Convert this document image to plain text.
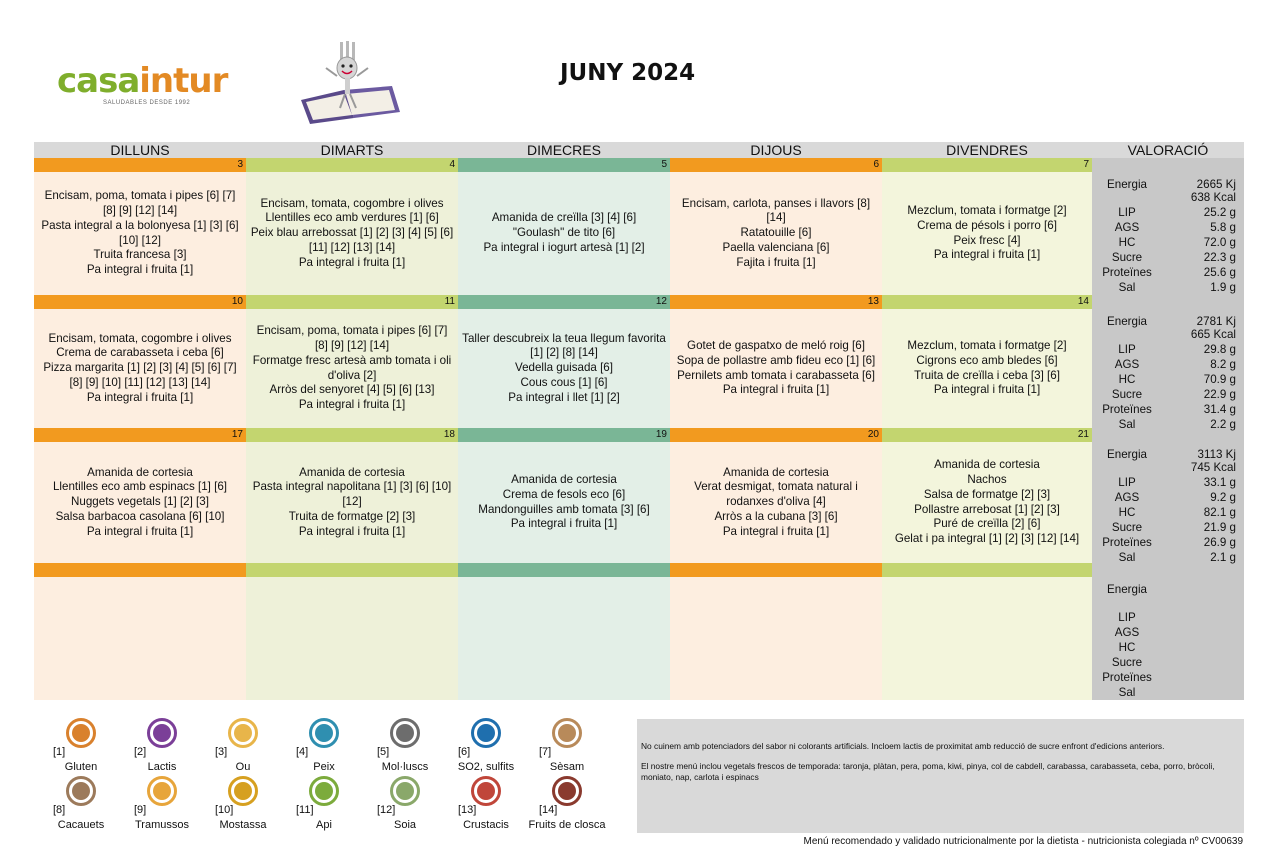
casaintur
SALUDABLES DESDE 1992
JUNY 2024
DILLUNS	DIMARTS	DIMECRES	DIJOUS	DIVENDRES	VALORACIÓ
3
Encisam, poma, tomata i pipes [6] [7] [8] [9] [12] [14]
Pasta integral a la bolonyesa [1] [3] [6] [10] [12]
Truita francesa [3]
Pa integral i fruita [1]
4
Encisam, tomata, cogombre i olives
Llentilles eco amb verdures [1] [6]
Peix blau arrebossat [1] [2] [3] [4] [5] [6] [11] [12] [13] [14]
Pa integral i fruita [1]
5
Amanida de creïlla [3] [4] [6]
"Goulash" de tito [6]
Pa integral i iogurt artesà [1] [2]
6
Encisam, carlota, panses i llavors [8] [14]
Ratatouille [6]
Paella valenciana [6]
Fajita i fruita [1]
7
Mezclum, tomata i formatge [2]
Crema de pésols i porro [6]
Peix fresc [4]
Pa integral i fruita [1]
Energia	2665 Kj
638 Kcal
LIP	25.2 g
AGS	5.8 g
HC	72.0 g
Sucre	22.3 g
Proteïnes	25.6 g
Sal	1.9 g
10
Encisam, tomata, cogombre i olives
Crema de carabasseta i ceba [6]
Pizza margarita [1] [2] [3] [4] [5] [6] [7] [8] [9] [10] [11] [12] [13] [14]
Pa integral i fruita [1]
11
Encisam, poma, tomata i pipes [6] [7] [8] [9] [12] [14]
Formatge fresc artesà amb tomata i oli d'oliva [2]
Arròs del senyoret [4] [5] [6] [13]
Pa integral i fruita [1]
12
Taller descubreix la teua llegum favorita [1] [2] [8] [14]
Vedella guisada [6]
Cous cous [1] [6]
Pa integral i llet [1] [2]
13
Gotet de gaspatxo de meló roig [6]
Sopa de pollastre amb fideu eco [1] [6]
Pernilets amb tomata i carabasseta [6]
Pa integral i fruita [1]
14
Mezclum, tomata i formatge [2]
Cigrons eco amb bledes [6]
Truita de creïlla i ceba [3] [6]
Pa integral i fruita [1]
Energia	2781 Kj
665 Kcal
LIP	29.8 g
AGS	8.2 g
HC	70.9 g
Sucre	22.9 g
Proteïnes	31.4 g
Sal	2.2 g
17
Amanida de cortesia
Llentilles eco amb espinacs [1] [6]
Nuggets vegetals [1] [2] [3]
Salsa barbacoa casolana [6] [10]
Pa integral i fruita [1]
18
Amanida de cortesia
Pasta integral napolitana [1] [3] [6] [10] [12]
Truita de formatge [2] [3]
Pa integral i fruita [1]
19
Amanida de cortesia
Crema de fesols eco [6]
Mandonguilles amb tomata [3] [6]
Pa integral i fruita [1]
20
Amanida de cortesia
Verat desmigat, tomata natural i rodanxes d'oliva [4]
Arròs a la cubana [3] [6]
Pa integral i fruita [1]
21
Amanida de cortesia
Nachos
Salsa de formatge [2] [3]
Pollastre arrebosat [1] [2] [3]
Puré de creïlla [2] [6]
Gelat i pa integral [1] [2] [3] [12] [14]
Energia	3113 Kj
745 Kcal
LIP	33.1 g
AGS	9.2 g
HC	82.1 g
Sucre	21.9 g
Proteïnes	26.9 g
Sal	2.1 g
Energia
LIP
AGS
HC
Sucre
Proteïnes
Sal
[1]
Gluten
[2]
Lactis
[3]
Ou
[4]
Peix
[5]
Mol·luscs
[6]
SO2, sulfits
[7]
Sèsam
[8]
Cacauets
[9]
Tramussos
[10]
Mostassa
[11]
Api
[12]
Soia
[13]
Crustacis
[14]
Fruits de closca

No cuinem amb potenciadors del sabor ni colorants artificials. Incloem lactis de proximitat amb reducció de sucre enfront d'edicions anteriors.

El nostre menú inclou vegetals frescos de temporada: taronja, plàtan, pera, poma, kiwi, pinya, col de cabdell, carabassa, carabasseta, ceba, porro, bròcoli, moniato, nap, carlota i espinacs

Menú recomendado y validado nutricionalmente por la dietista - nutricionista colegiada nº CV00639
